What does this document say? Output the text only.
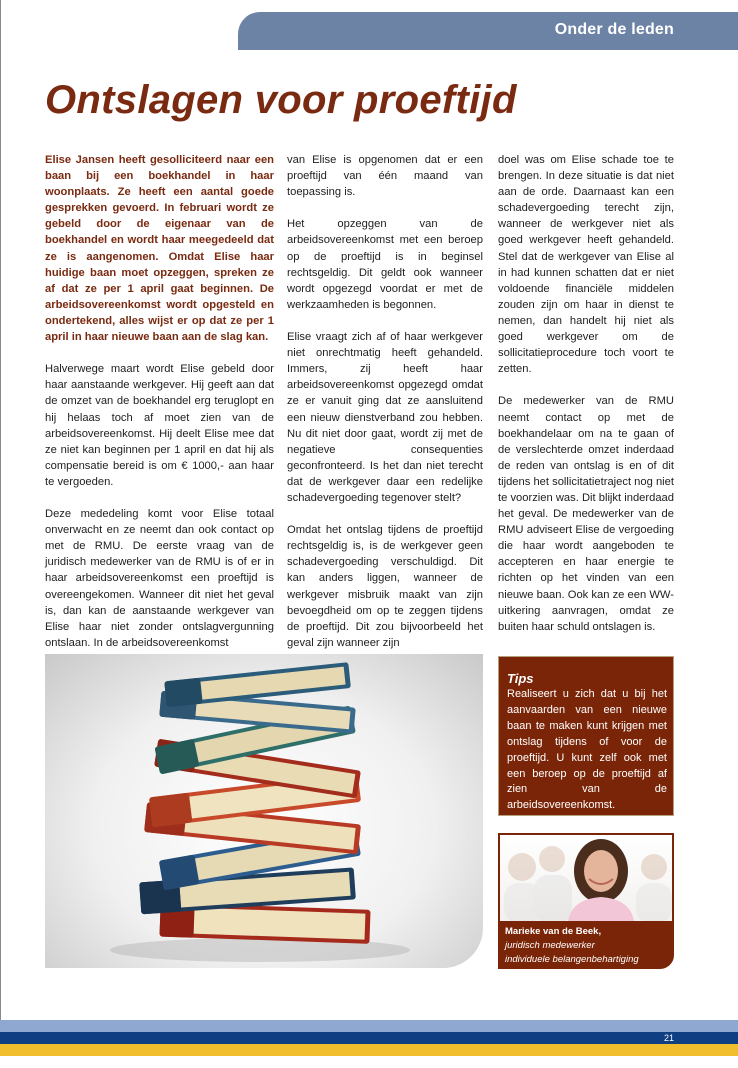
Onder de leden
Ontslagen voor proeftijd

Elise Jansen heeft gesolliciteerd naar een baan bij een boekhandel in haar woonplaats. Ze heeft een aantal goede gesprekken gevoerd. In februari wordt ze gebeld door de eigenaar van de boekhandel en wordt haar meegedeeld dat ze is aangenomen. Omdat Elise haar huidige baan moet opzeggen, spreken ze af dat ze per 1 april gaat beginnen. De arbeidsovereenkomst wordt opgesteld en ondertekend, alles wijst er op dat ze per 1 april in haar nieuwe baan aan de slag kan.

Halverwege maart wordt Elise gebeld door haar aanstaande werkgever. Hij geeft aan dat de omzet van de boekhandel erg teruglopt en hij helaas toch af moet zien van de arbeidsovereenkomst. Hij deelt Elise mee dat ze niet kan beginnen per 1 april en dat hij als compensatie bereid is om € 1000,- aan haar te vergoeden.

Deze mededeling komt voor Elise totaal onverwacht en ze neemt dan ook contact op met de RMU. De eerste vraag van de juridisch medewerker van de RMU is of er in haar arbeidsovereenkomst een proeftijd is overeengekomen. Wanneer dit niet het geval is, dan kan de aanstaande werkgever van Elise haar niet zonder ontslagvergunning ontslaan. In de arbeidsovereenkomst

van Elise is opgenomen dat er een proeftijd van één maand van toepassing is.

Het opzeggen van de arbeidsovereenkomst met een beroep op de proeftijd is in beginsel rechtsgeldig. Dit geldt ook wanneer wordt opgezegd voordat er met de werkzaamheden is begonnen.

Elise vraagt zich af of haar werkgever niet onrechtmatig heeft gehandeld. Immers, zij heeft haar arbeidsovereenkomst opgezegd omdat ze er vanuit ging dat ze aansluitend een nieuw dienstverband zou hebben. Nu dit niet door gaat, wordt zij met de negatieve consequenties geconfronteerd. Is het dan niet terecht dat de werkgever daar een redelijke schadevergoeding tegenover stelt?

Omdat het ontslag tijdens de proeftijd rechtsgeldig is, is de werkgever geen schadevergoeding verschuldigd. Dit kan anders liggen, wanneer de werkgever misbruik maakt van zijn bevoegdheid om op te zeggen tijdens de proeftijd. Dit zou bijvoorbeeld het geval zijn wanneer zijn

doel was om Elise schade toe te brengen. In deze situatie is dat niet aan de orde. Daarnaast kan een schadevergoeding terecht zijn, wanneer de werkgever niet als goed werkgever heeft gehandeld. Stel dat de werkgever van Elise al in had kunnen schatten dat er niet voldoende financiële middelen zouden zijn om haar in dienst te nemen, dan handelt hij niet als goed werkgever om de sollicitatieprocedure toch voort te zetten.

De medewerker van de RMU neemt contact op met de boekhandelaar om na te gaan of de verslechterde omzet inderdaad de reden van ontslag is en of dit tijdens het sollicitatietraject nog niet te voorzien was. Dit blijkt inderdaad het geval. De medewerker van de RMU adviseert Elise de vergoeding die haar wordt aangeboden te accepteren en haar energie te richten op het vinden van een nieuwe baan. Ook kan ze een WW-uitkering aanvragen, omdat ze buiten haar schuld ontslagen is.

Tips

Realiseert u zich dat u bij het aanvaarden van een nieuwe baan te maken kunt krijgen met ontslag tijdens of voor de proeftijd. U kunt zelf ook met een beroep op de proeftijd af zien van de arbeidsovereenkomst.

Marieke van de Beek,

juridisch medewerker

individuele belangenbehartiging

21
